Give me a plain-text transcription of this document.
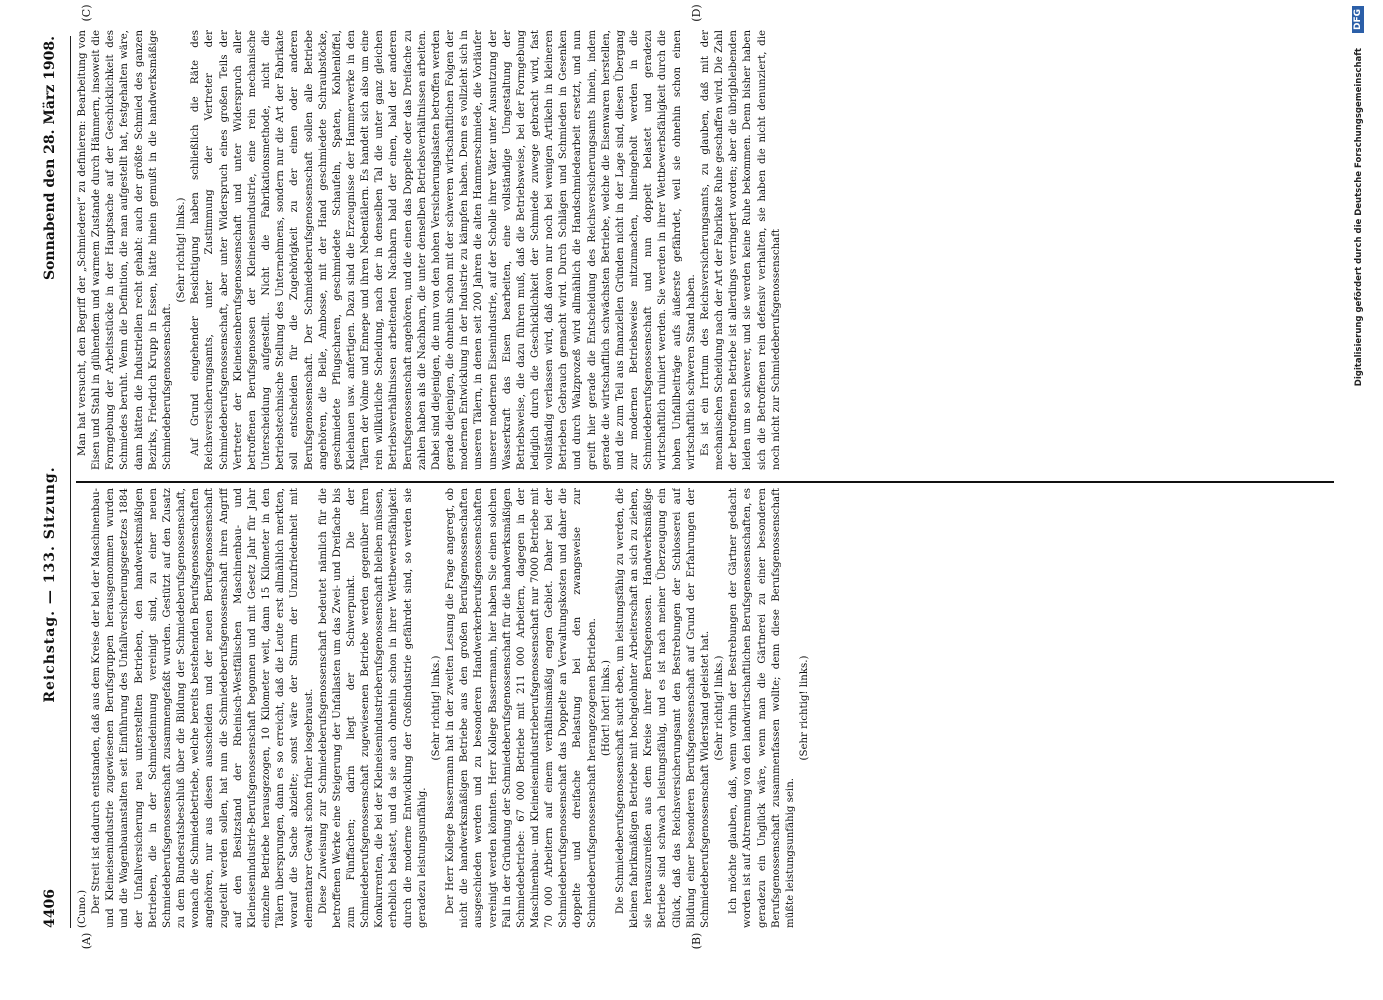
4406
Reichstag. — 133. Sitzung.
Sonnabend den 28. März 1908.
(A)	(B)
(C)	(D)

(Cuno.) Der Streit ist dadurch entstanden, daß aus dem Kreise der bei der Maschinenbau- und Kleineisenindustrie zugewiesenen Berufsgruppen herausgenommen wurden und die Wagenbauanstalten seit Einführung des Unfallversicherungsgesetzes 1884 der Unfallversicherung neu unterstellten Betrieben, den handwerksmäßigen Betrieben, die in der Schmiedeinnung vereinigt sind, zu einer neuen Schmiedeberufsgenossenschaft zusammengefaßt wurden. Gestützt auf den Zusatz zu dem Bundesratsbeschluß über die Bildung der Schmiedeberufsgenossenschaft, wonach die Schmiedebetriebe, welche bereits bestehenden Berufsgenossenschaften angehören, nur aus diesen ausscheiden und der neuen Berufsgenossenschaft zugeteilt werden sollen, hat nun die Schmiedeberufsgenossenschaft ihren Angriff auf den Besitzstand der Rheinisch-Westfälischen Maschinenbau- und Kleineisenindustrie-Berufsgenossenschaft begonnen und mit Gesetz Jahr für Jahr einzelne Betriebe herausgezogen, 10 Kilometer weit, dann 15 Kilometer in den Tälern übersprungen, dann es so erreicht, daß die Leute erst allmählich merkten, worauf die Sache abzielte; sonst wäre der Sturm der Unzufriedenheit mit elementarer Gewalt schon früher losgebraust. Diese Zuweisung zur Schmiedeberufsgenossenschaft bedeutet nämlich für die betroffenen Werke eine Steigerung der Unfallasten um das Zwei- und Dreifache bis zum Fünffachen; darin liegt der Schwerpunkt. Die der Schmiedeberufsgenossenschaft zugewiesenen Betriebe werden gegenüber ihren Konkurrenten, die bei der Kleineisenindustrieberufsgenossenschaft bleiben müssen, erheblich belastet, und da sie auch ohnehin schon in ihrer Wettbewerbsfähigkeit durch die moderne Entwicklung der Großindustrie gefährdet sind, so werden sie geradezu leistungsunfähig.

(Sehr richtig! links.) Der Herr Kollege Bassermann hat in der zweiten Lesung die Frage angeregt, ob nicht die handwerksmäßigen Betriebe aus den großen Berufsgenossenschaften ausgeschieden werden und zu besonderen Handwerkerberufsgenossenschaften vereinigt werden könnten. Herr Kollege Bassermann, hier haben Sie einen solchen Fall in der Gründung der Schmiedeberufsgenossenschaft für die handwerksmäßigen Schmiedebetriebe: 67 000 Betriebe mit 211 000 Arbeitern, dagegen in der Maschinenbau- und Kleineisenindustrieberufsgenossenschaft nur 7000 Betriebe mit 70 000 Arbeitern auf einem verhältnismäßig engen Gebiet. Daher bei der Schmiedeberufsgenossenschaft das Doppelte an Verwaltungskosten und daher die doppelte und dreifache Belastung bei den zwangsweise zur Schmiedeberufsgenossenschaft herangezogenen Betrieben. (Hört! hört! links.) Die Schmiedeberufsgenossenschaft sucht eben, um leistungsfähig zu werden, die kleinen fabrikmäßigen Betriebe mit hochgelohnter Arbeiterschaft an sich zu ziehen, sie herauszureißen aus dem Kreise ihrer Berufsgenossen. Handwerksmäßige Betriebe sind schwach leistungsfähig, und es ist nach meiner Überzeugung ein Glück, daß das Reichsversicherungsamt den Bestrebungen der Schlosserei auf Bildung einer besonderen Berufsgenossenschaft auf Grund der Erfahrungen der Schmiedeberufsgenossenschaft Widerstand geleistet hat. (Sehr richtig! links.) Ich möchte glauben, daß, wenn vorhin der Bestrebungen der Gärtner gedacht worden ist auf Abtrennung von den landwirtschaftlichen Berufsgenossenschaften, es geradezu ein Unglück wäre, wenn man die Gärtnerei zu einer besonderen Berufsgenossenschaft zusammenfassen wollte; denn diese Berufsgenossenschaft müßte leistungsunfähig sein.

(Sehr richtig! links.)

Man hat versucht, den Begriff der „Schmiederei“ zu definieren: Bearbeitung von Eisen und Stahl in glühendem und warmem Zustande durch Hämmern, insoweit die Formgebung der Arbeitsstücke in der Hauptsache auf der Geschicklichkeit des Schmiedes beruht. Wenn die Definition, die man aufgestellt hat, festgehalten wäre, dann hätten die Industriellen recht gehabt: auch der größte Schmied des ganzen Bezirks, Friedrich Krupp in Essen, hätte hinein gemußt in die handwerksmäßige Schmiedeberufsgenossenschaft.

(Sehr richtig! links.) Auf Grund eingehender Besichtigung haben schließlich die Räte des Reichsversicherungsamts, unter Zustimmung der Vertreter der Schmiedeberufsgenossenschaft, aber unter Widerspruch eines großen Teils der Vertreter der Kleineisenberufsgenossenschaft und unter Widerspruch aller betroffenen Berufsgenossen der Kleineisenindustrie, eine rein mechanische Unterscheidung aufgestellt. Nicht die Fabrikationsmethode, nicht die betriebstechnische Stellung des Unternehmens, sondern nur die Art der Fabrikate soll entscheiden für die Zugehörigkeit zu der einen oder anderen Berufsgenossenschaft. Der Schmiedeberufsgenossenschaft sollen alle Betriebe angehören, die Beile, Ambosse, mit der Hand geschmiedete Schraubstöcke, geschmiedete Pflugscharen, geschmiedete Schaufeln, Spaten, Kohlenlöffel, Kleiehauen usw. anfertigen. Dazu sind die Erzeugnisse der Hammerwerke in den Tälern der Volme und Ennepe und ihren Nebentälern. Es handelt sich also um eine rein willkürliche Scheidung, nach der in denselben Tal die unter ganz gleichen Betriebsverhältnissen arbeitenden Nachbarn bald der einen, bald der anderen Berufsgenossenschaft angehören, und die einen das Doppelte oder das Dreifache zu zahlen haben als die Nachbarn, die unter denselben Betriebsverhältnissen arbeiten. Dabei sind diejenigen, die nun von den hohen Versicherungslasten betroffen werden gerade diejenigen, die ohnehin schon mit der schweren wirtschaftlichen Folgen der modernen Entwicklung in der Industrie zu kämpfen haben. Denn es vollzieht sich in unseren Tälern, in denen seit 200 Jahren die alten Hammerschmiede, die Vorläufer unserer modernen Eisenindustrie, auf der Scholle ihrer Väter unter Ausnutzung der Wasserkraft das Eisen bearbeiten, eine vollständige Umgestaltung der Betriebsweise, die dazu führen muß, daß die Betriebsweise, bei der Formgebung lediglich durch die Geschicklichkeit der Schmiede zuwege gebracht wird, fast vollständig verlassen wird, daß davon nur noch bei wenigen Artikeln in kleineren Betrieben Gebrauch gemacht wird. Durch Schlägen und Schmieden in Gesenken und durch Walzprozeß wird allmählich die Handschmiedearbeit ersetzt, und nun greift hier gerade die Entscheidung des Reichsversicherungsamts hinein, indem gerade die wirtschaftlich schwächsten Betriebe, welche die Eisenwaren herstellen, und die zum Teil aus finanziellen Gründen nicht in der Lage sind, diesen Übergang zur modernen Betriebsweise mitzumachen, hineingeholt werden in die Schmiedeberufsgenossenschaft und nun doppelt belastet und geradezu wirtschaftlich ruiniert werden. Sie werden in ihrer Wettbewerbsfähigkeit durch die hohen Unfallbeiträge aufs äußerste gefährdet, weil sie ohnehin schon einen wirtschaftlich schweren Stand haben. Es ist ein Irrtum des Reichsversicherungsamts, zu glauben, daß mit der mechanischen Scheidung nach der Art der Fabrikate Ruhe geschaffen wird. Die Zahl der betroffenen Betriebe ist allerdings verringert worden; aber die übrigbleibenden leiden um so schwerer, und sie werden keine Ruhe bekommen. Denn bisher haben sich die Betroffenen rein defensiv verhalten, sie haben die nicht denunziert, die noch nicht zur Schmiedeberufsgenossenschaft	Digitalisierung gefördert durch die Deutsche Forschungsgemeinschaft
DFG
